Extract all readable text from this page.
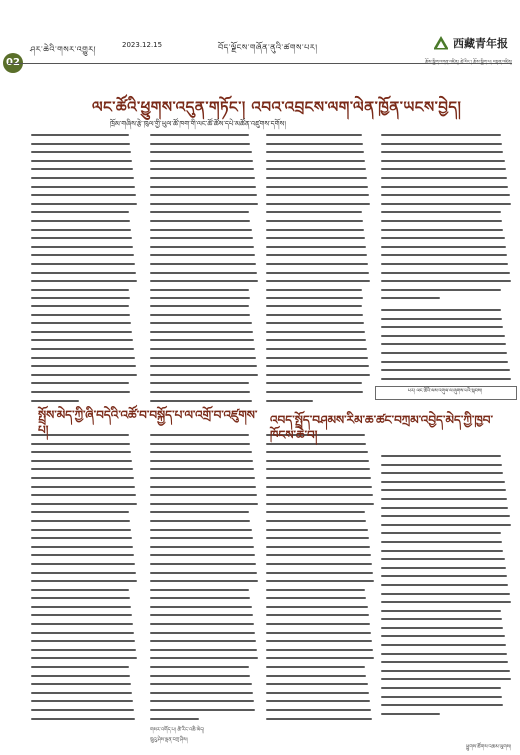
ཤར་ཆེའི་གསར་འགྱུར།	2023.12.15	བོད་ལྗོངས་གཞོན་ནུའི་ཚགས་པར།	西藏青年报
ལང་ཚོའི་ཕྱུགས་འདུན་གཏོང་། འབའ་འབྲངས་ལག་ལེན་ཁྱོན་ཡངས་བྱེད།
ཁྲོམ་གཞིས་རྩེ་ཁུལ་གྱི་ཡུལ་ཚོ་ཁག་གི་ལང་ཚོ་ཚོས་དཔེ་མཚོན་འཛུགས་དགོས།
སྤྲོས་མེད་ཀྱི་ཞི་བདེའི་འཚོ་བ་བསྐྱོད་པ་ལ་འགྲོ་བ་འཛུགས་པ།
འབད་སྤྲོད་བཤམས་རིམ་ཆ་ཚང་བཀྲམ་འབྱེད་མེད་ཀྱི་ཁྱབ་ཁོངས་ཆེ་བ།
པར། ལང་ཚོའི་ལས་འགུལ་ལ་ཞུགས་པའི་སྐབས།
གསར་འགོད་པ། ཚེ་རིང་འཆི་མེད།
ཁྲུའུ་ཤེས་ལྡན་བཀྲ་ཤིས།
ཕྱུགས་ཚོགས་འཆམ་ལུགས།
